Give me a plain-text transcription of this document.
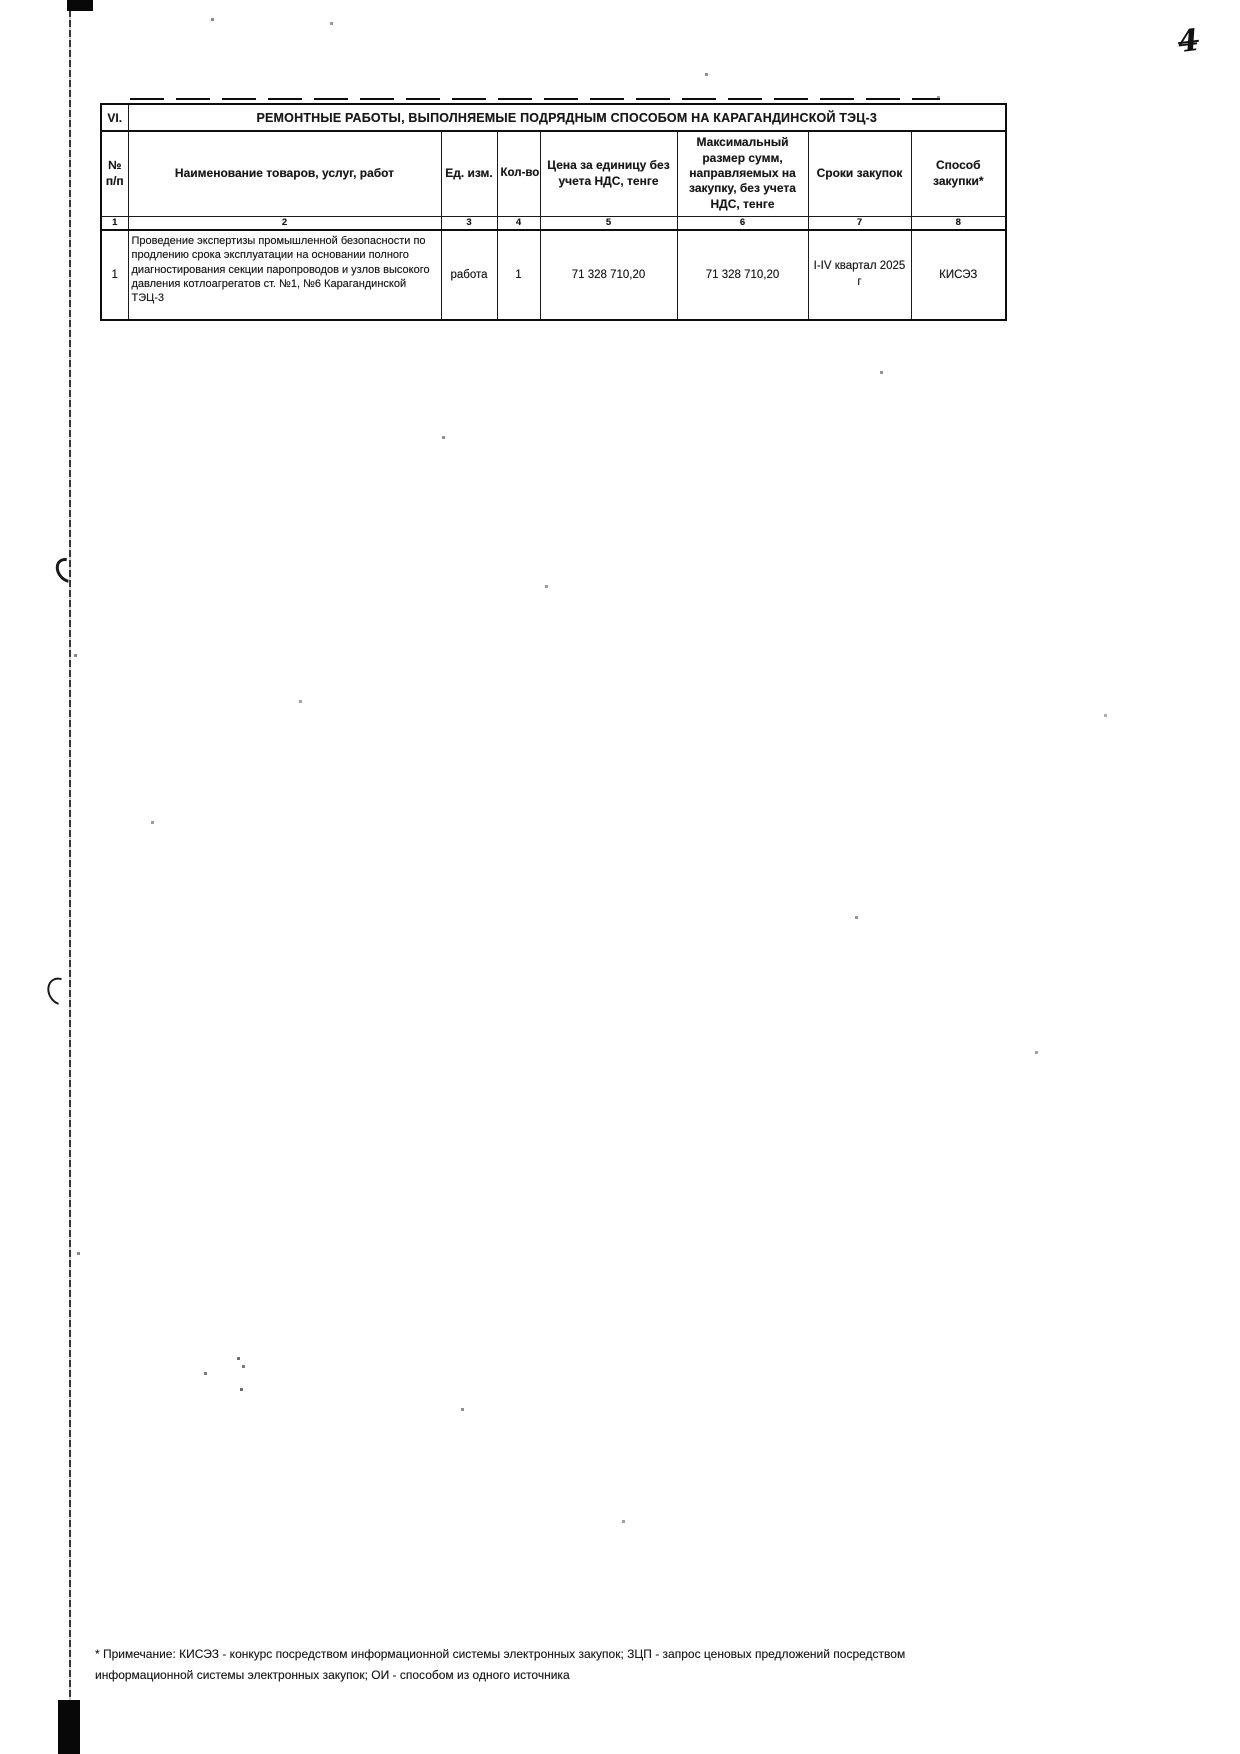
4
VI.	РЕМОНТНЫЕ РАБОТЫ, ВЫПОЛНЯЕМЫЕ ПОДРЯДНЫМ СПОСОБОМ НА КАРАГАНДИНСКОЙ ТЭЦ-3						
№ п/п	Наименование товаров, услуг, работ	Ед. изм.	Кол-во	Цена за единицу без учета НДС, тенге	Максимальный размер сумм, направляемых на закупку, без учета НДС, тенге	Сроки закупок	Способ закупки*
1	2	3	4	5	6	7	8
1	Проведение экспертизы промышленной безопасности по продлению срока эксплуатации на основании полного диагностирования секции паропроводов и узлов высокого давления котлоагрегатов ст. №1, №6 Карагандинской ТЭЦ-3	работа	1	71 328 710,20	71 328 710,20	I-IV квартал 2025 г	КИСЭЗ
* Примечание: КИСЭЗ - конкурс посредством информационной системы электронных закупок; ЗЦП - запрос ценовых предложений посредством
информационной системы электронных закупок; ОИ - способом из одного источника
